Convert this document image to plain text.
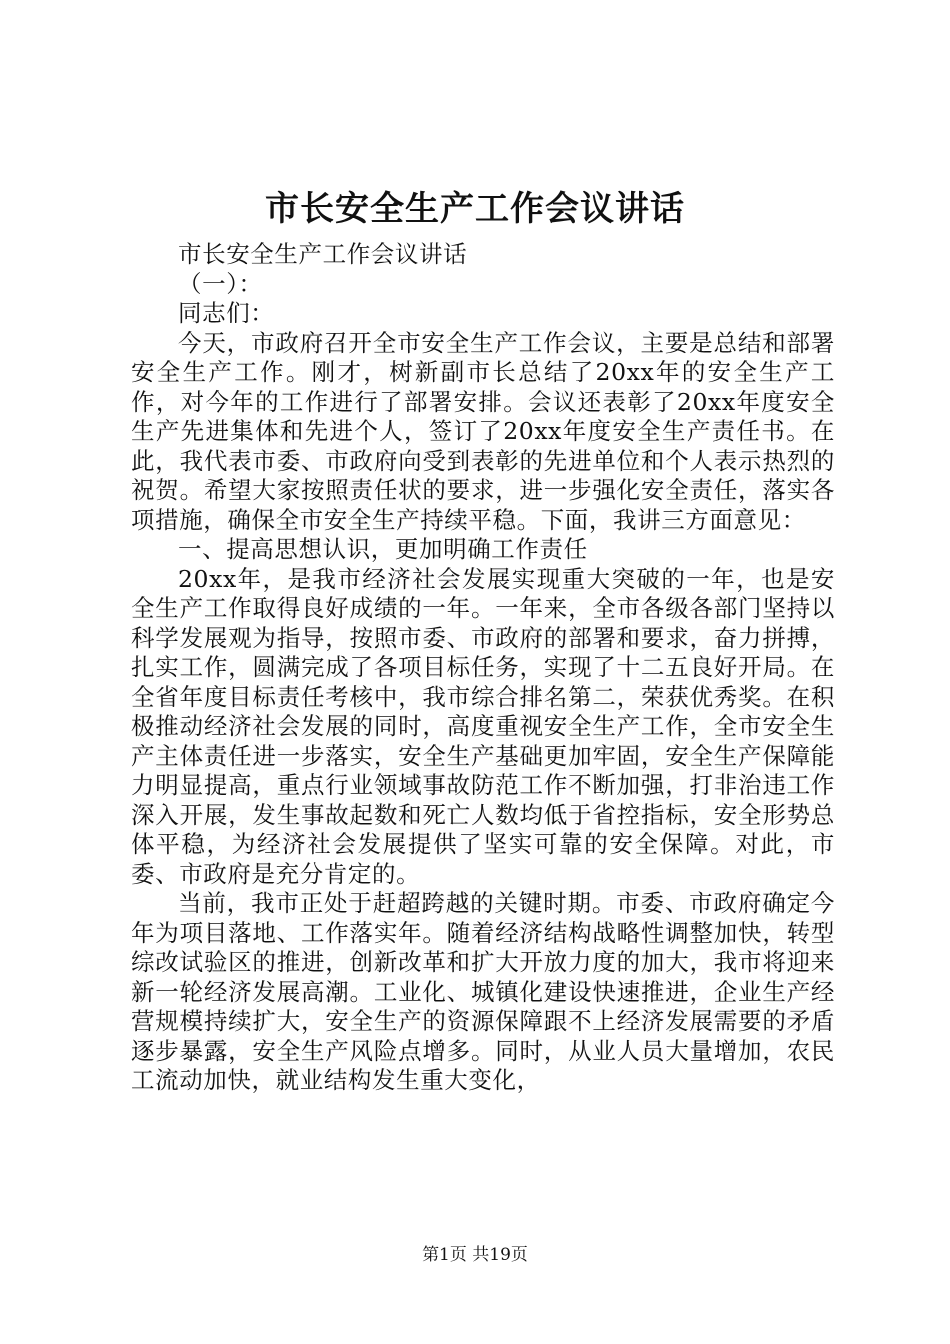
市长安全生产工作会议讲话

市长安全生产工作会议讲话

（一）：

同志们：

今天，市政府召开全市安全生产工作会议，主要是总结和部署安全生产工作。刚才，树新副市长总结了20xx年的安全生产工作，对今年的工作进行了部署安排。会议还表彰了20xx年度安全生产先进集体和先进个人，签订了20xx年度安全生产责任书。在此，我代表市委、市政府向受到表彰的先进单位和个人表示热烈的祝贺。希望大家按照责任状的要求，进一步强化安全责任，落实各项措施，确保全市安全生产持续平稳。下面，我讲三方面意见：

一、提高思想认识，更加明确工作责任

20xx年，是我市经济社会发展实现重大突破的一年，也是安全生产工作取得良好成绩的一年。一年来，全市各级各部门坚持以科学发展观为指导，按照市委、市政府的部署和要求，奋力拼搏，扎实工作，圆满完成了各项目标任务，实现了十二五良好开局。在全省年度目标责任考核中，我市综合排名第二，荣获优秀奖。在积极推动经济社会发展的同时，高度重视安全生产工作，全市安全生产主体责任进一步落实，安全生产基础更加牢固，安全生产保障能力明显提高，重点行业领域事故防范工作不断加强，打非治违工作深入开展，发生事故起数和死亡人数均低于省控指标，安全形势总体平稳，为经济社会发展提供了坚实可靠的安全保障。对此，市委、市政府是充分肯定的。

当前，我市正处于赶超跨越的关键时期。市委、市政府确定今年为项目落地、工作落实年。随着经济结构战略性调整加快，转型综改试验区的推进，创新改革和扩大开放力度的加大，我市将迎来新一轮经济发展高潮。工业化、城镇化建设快速推进，企业生产经营规模持续扩大，安全生产的资源保障跟不上经济发展需要的矛盾逐步暴露，安全生产风险点增多。同时，从业人员大量增加，农民工流动加快，就业结构发生重大变化，

第1页 共19页
